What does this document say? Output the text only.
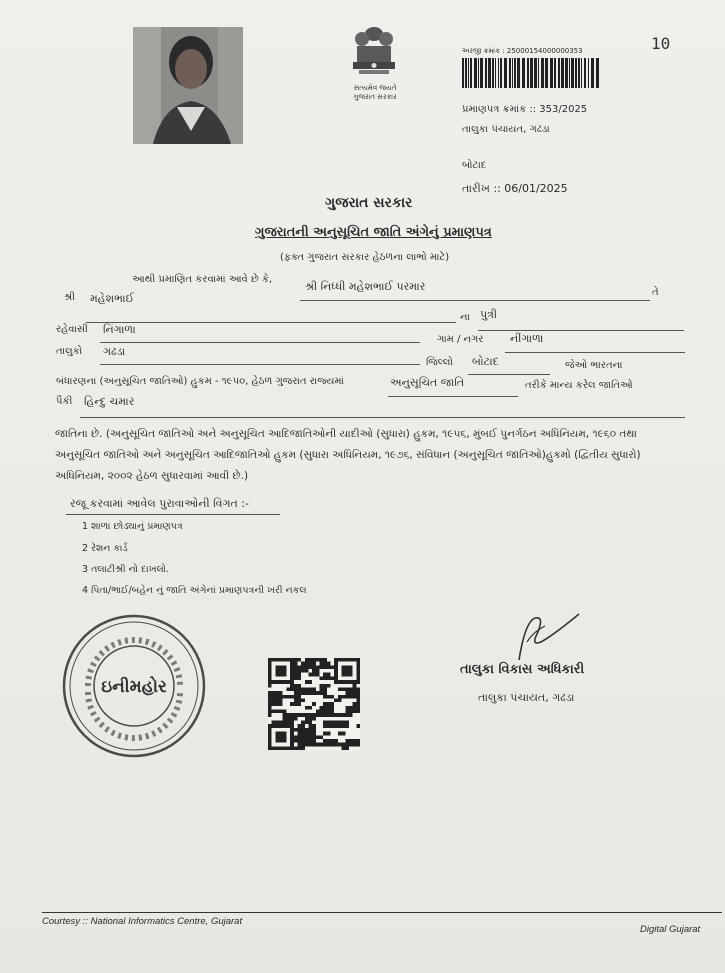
સત્યમેવ જયતે
ગુજરાત સરકાર
10
અરજી ક્રમાંક : 25000154000000353
પ્રમાણપત્ર ક્રમાંક :: 353/2025
તાલુકા પંચાયત, ગઢડા
બોટાદ
તારીખ :: 06/01/2025
ગુજરાત સરકાર
ગુજરાતની અનુસૂચિત જાતિ અંગેનું પ્રમાણપત્ર
(ફક્ત ગુજરાત સરકાર હેઠળના લાભો માટે)
આથી પ્રમાણિત કરવામાં આવે છે કે,
શ્રી નિધ્ધી મહેશભાઈ પરમાર	તે
શ્રી મહેશભાઈ
ના પુત્રી
રહેવાસી નિંગાળા
ગામ / નગર નીંગાળા
તાલુકો ગઢડા
જિલ્લો બોટાદ	જેઓ ભારતના
બંધારણના (અનુસૂચિત જાતિઓ) હુકમ - ૧૯૫૦, હેઠળ ગુજરાત રાજ્યમાં	અનુસૂચિત જાતિ	તરીકે માન્ય કરેલ જાતિઓ
પૈકી હિન્દુ ચમાર
જાતિના છે. (અનુસૂચિત જાતિઓ અને અનુસૂચિત આદિજાતિઓની યાદીઓ (સુધારા) હુકમ, ૧૯૫૬, મુંબઈ પુનર્ગઠન અધિનિયમ, ૧૯૬૦ તથા અનુસૂચિત જાતિઓ અને અનુસૂચિત આદિજાતિઓ હુકમ (સુધારા અધિનિયમ, ૧૯૭૬, સંવિધાન (અનુસૂચિત જાતિઓ)હુકમો (દ્વિતીય સુધારો) અધિનિયમ, ૨૦૦૨ હેઠળ સુધારવામાં આવી છે.)
રજૂ કરવામાં આવેલ પુરાવાઓની વિગત :-
1 શાળા છોડ્યાનું પ્રમાણપત્ર
2 રેશન કાર્ડ
3 તલાટીશ્રી નો દાખલો.
4 પિતા/ભાઈ/બહેન નું જાતિ અંગેનાં પ્રમાણપત્રની ખરી નકલ
ઇનીમહોર
તાલુકા વિકાસ અધિકારી
તાલુકા પંચાયત, ગઢડા
Courtesy :: National Informatics Centre, Gujarat
Digital Gujarat
